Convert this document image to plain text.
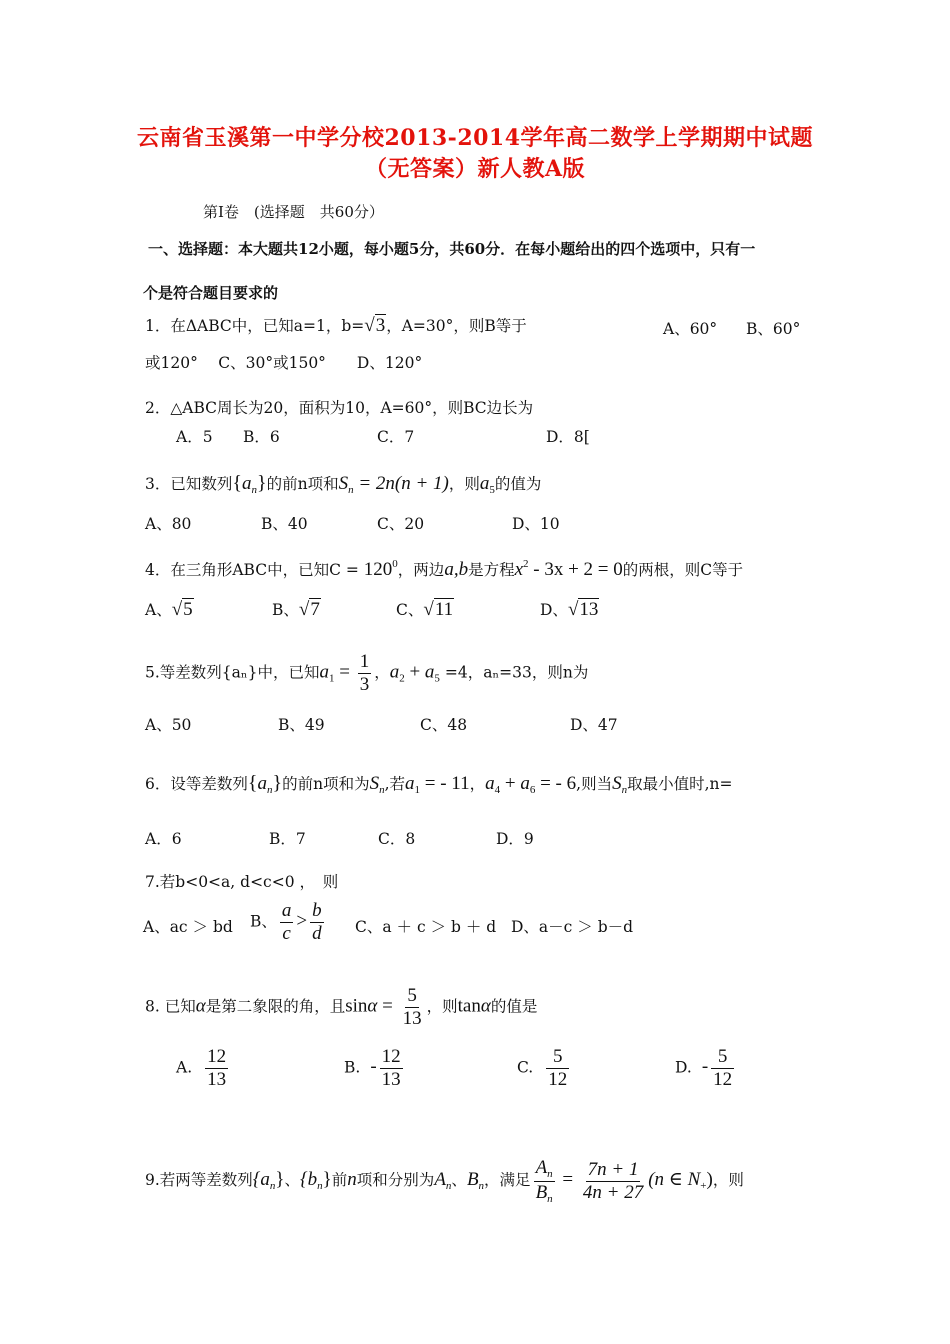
云南省玉溪第一中学分校2013-2014学年高二数学上学期期中试题
（无答案）新人教A版
第Ⅰ卷　(选择题　共60分）
一、选择题：本大题共12小题，每小题5分，共60分．在每小题给出的四个选项中，只有一
个是符合题目要求的
1．在ΔABC中，已知a=1，b=√3，A=30°，则B等于	A、60° B、60°
或120°　 C、30°或150°　　D、120°
2．△ABC周长为20，面积为10，A=60°，则BC边长为
A．5 B．6	C．7	D．8[
3．已知数列$\{a_n\}$的前n项和$S_n = 2n(n + 1)$，则$a_5$的值为
A、80	B、40	C、20	D、10
4．在三角形ABC中，已知$C = 120^0$，两边a,b是方程$x^2 - 3x + 2 = 0$的两根，则C等于
A、√5	B、√7	C、√11	D、√13
5.等差数列{aₙ}中，已知$a_1 = \frac{1}{3}$ ，$a_2 + a_5 =4$，aₙ=33，则n为
A、50	B、49	C、48	D、47
6．设等差数列$\{a_n\}$的前n项和为$S_n$,若$a_1$ = - 11，$a_4 + a_6$ = - 6,则当$S_n$取最小值时,n=
A．6	B．7	C．8	D．9
7.若b<0<a, d<c<0 ，　则
A、ac ＞ bd B、 $\frac{a}{c} > \frac{b}{d}$ C、a ＋ c ＞ b ＋ d D、a－c ＞ b－d
8. 已知α是第二象限的角，且$\sin\alpha = \frac{5}{13}$ ，则tanα的值是
A. $\frac{12}{13}$	B. - $\frac{12}{13}$	C. $\frac{5}{12}$	D. - $\frac{5}{12}$
9.若两等差数列$\{a_n\}$、$\{b_n\}$前n项和分别为$A_n$、$B_n$，满足 $\frac{A_n}{B_n} = \frac{7n + 1}{4n + 27} (n$ ∈ $N_+$)，则
